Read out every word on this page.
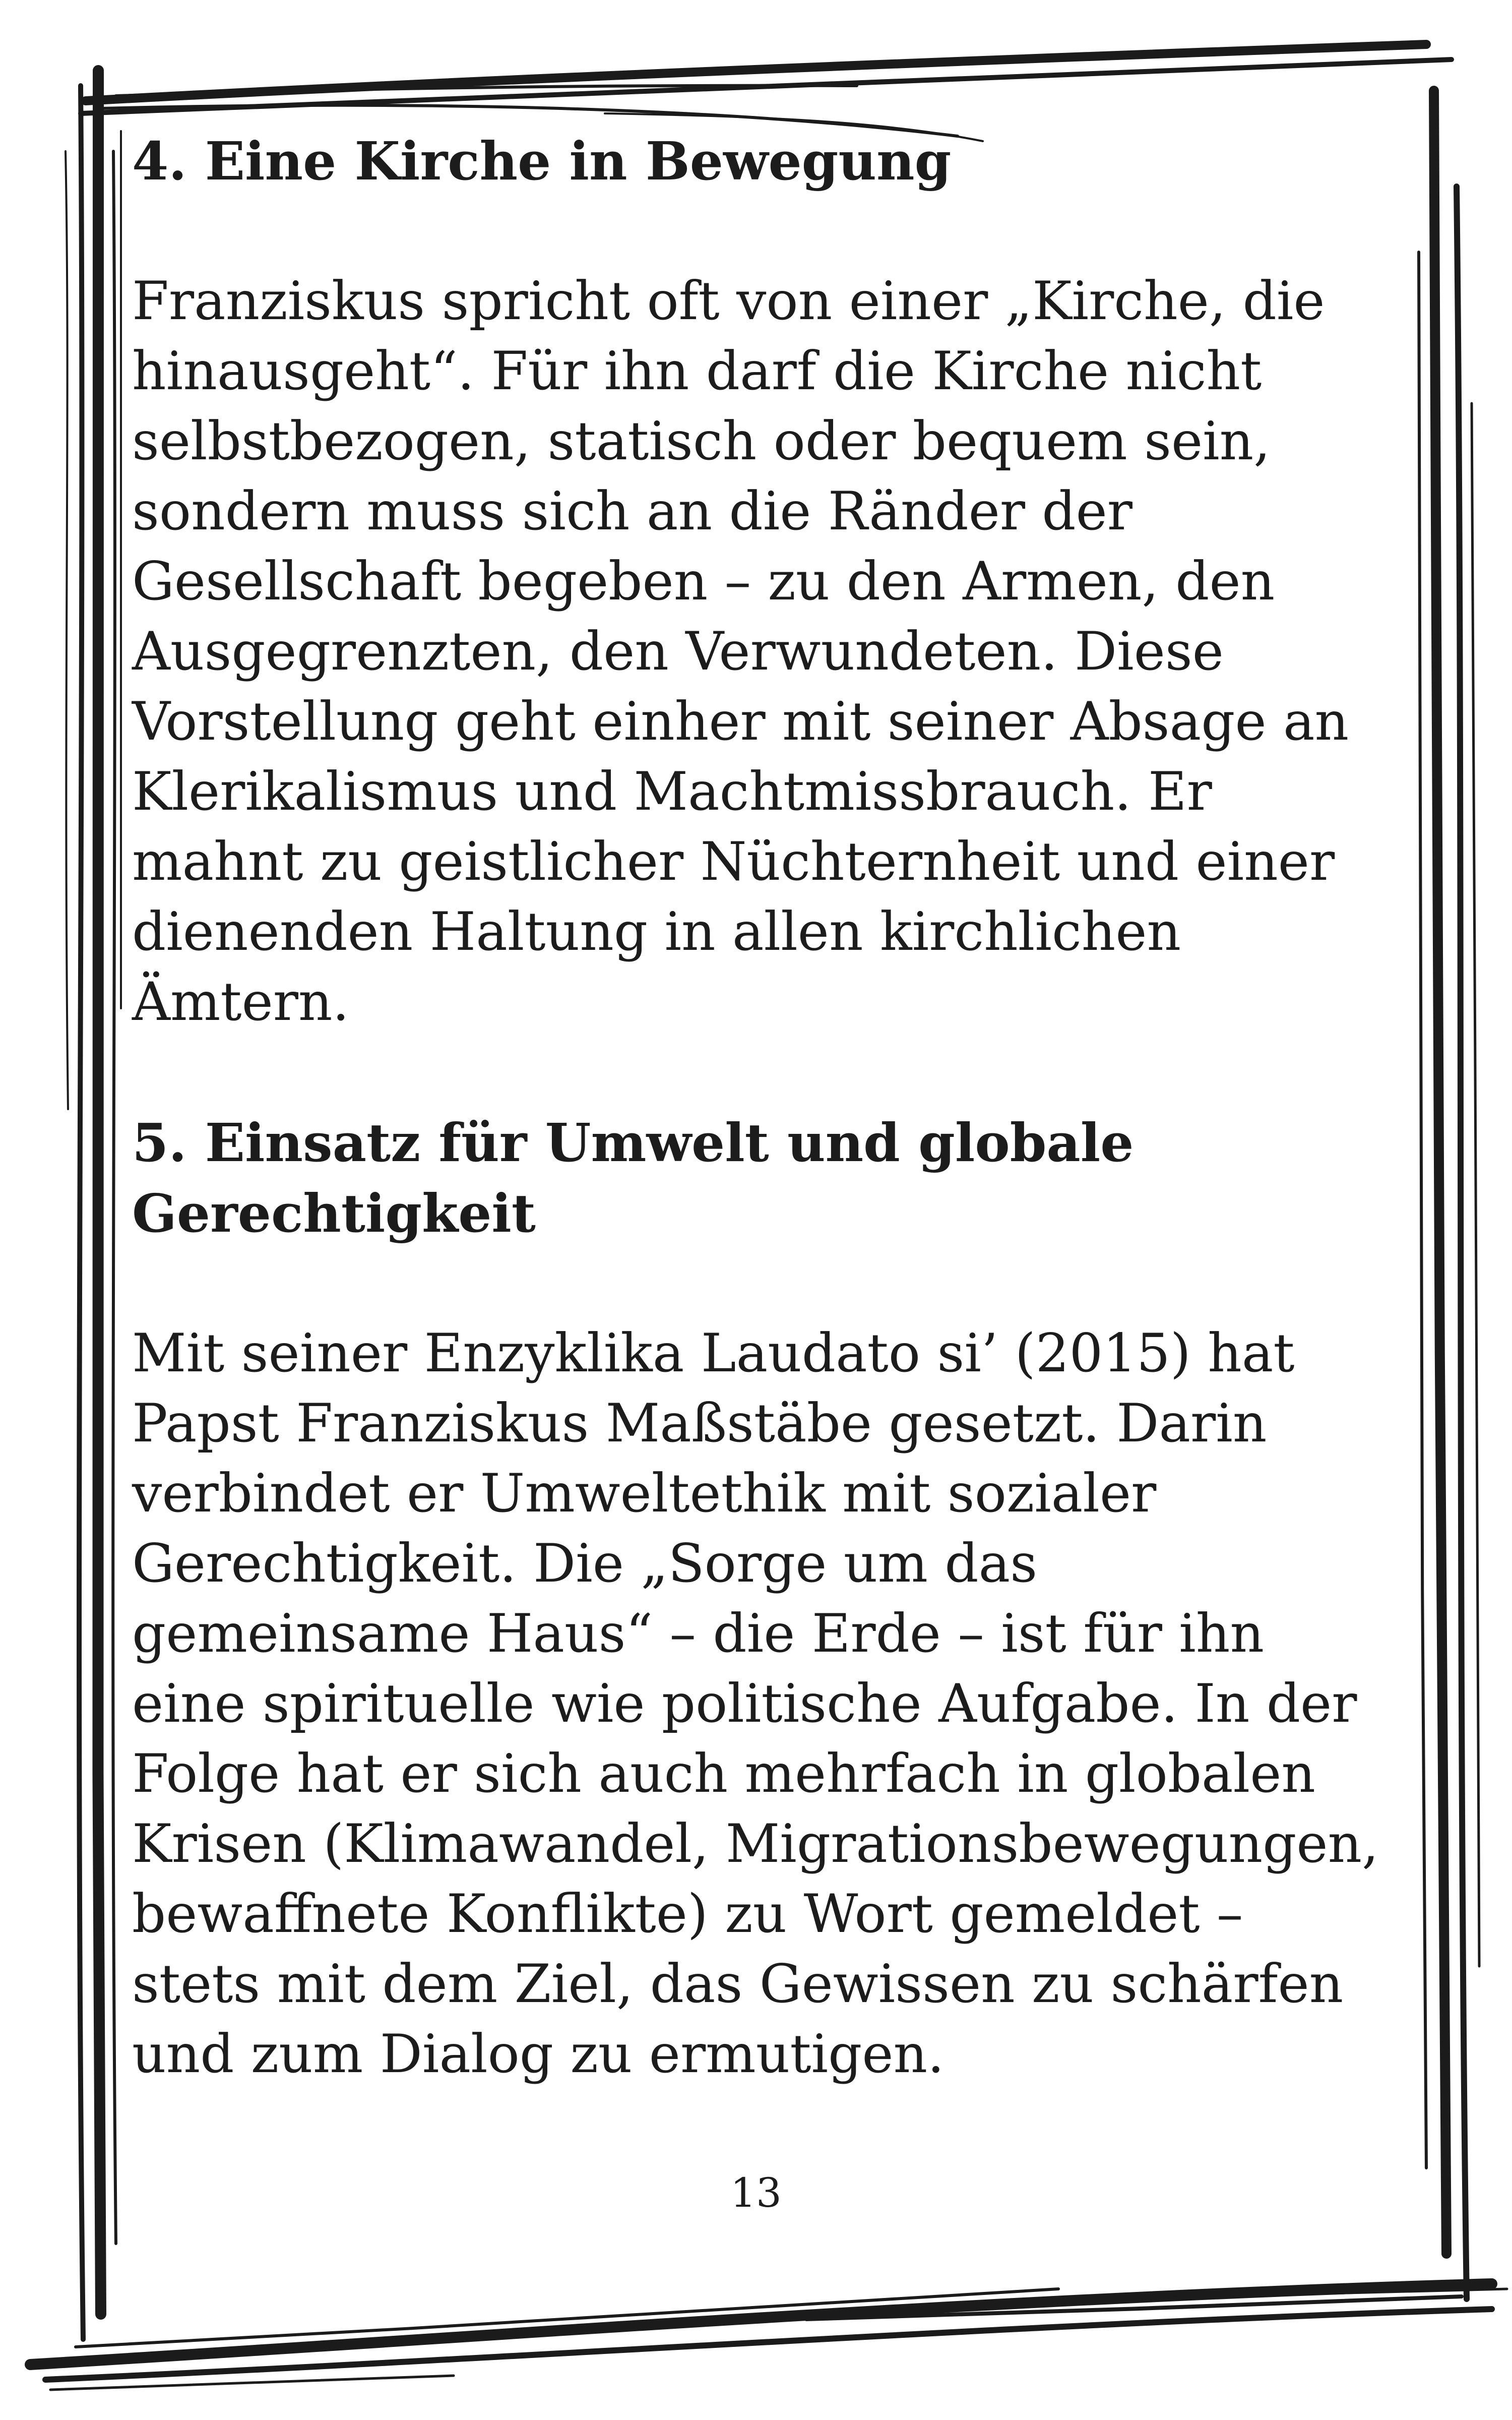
4. Eine Kirche in Bewegung

Franziskus spricht oft von einer „Kirche, die hinausgeht“. Für ihn darf die Kirche nicht selbstbezogen, statisch oder bequem sein, sondern muss sich an die Ränder der Gesellschaft begeben – zu den Armen, den Ausgegrenzten, den Verwundeten. Diese Vorstellung geht einher mit seiner Absage an Klerikalismus und Machtmissbrauch. Er mahnt zu geistlicher Nüchternheit und einer dienenden Haltung in allen kirchlichen Ämtern.

5. Einsatz für Umwelt und globale Gerechtigkeit

Mit seiner Enzyklika Laudato si’ (2015) hat Papst Franziskus Maßstäbe gesetzt. Darin verbindet er Umweltethik mit sozialer Gerechtigkeit. Die „Sorge um das gemeinsame Haus“ – die Erde – ist für ihn eine spirituelle wie politische Aufgabe. In der Folge hat er sich auch mehrfach in globalen Krisen (Klimawandel, Migrationsbewegungen, bewaffnete Konflikte) zu Wort gemeldet – stets mit dem Ziel, das Gewissen zu schärfen und zum Dialog zu ermutigen.

13
